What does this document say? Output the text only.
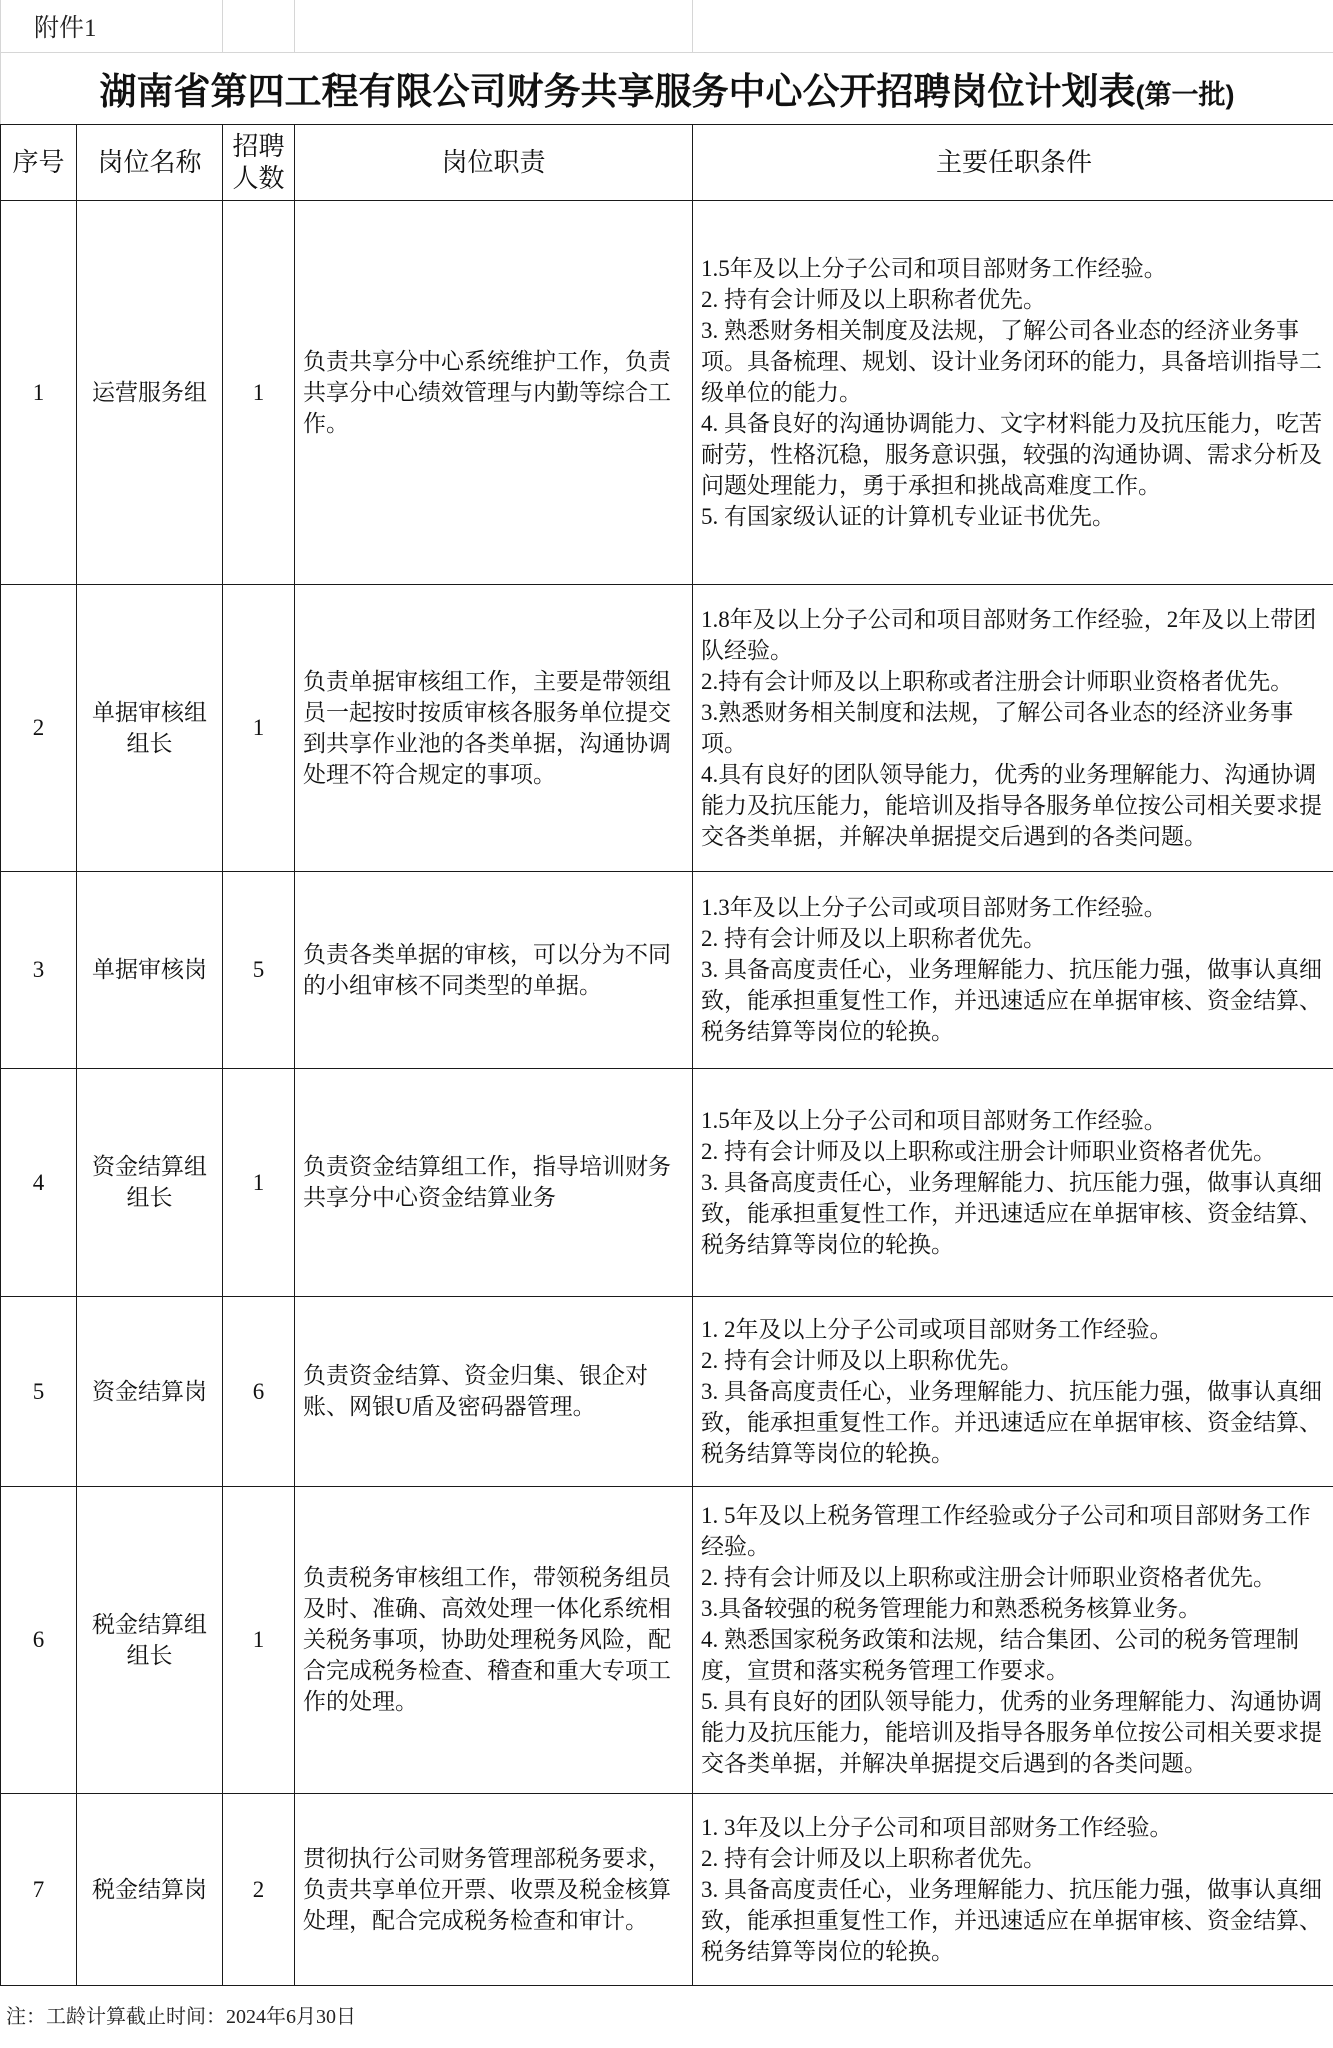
附件1				
湖南省第四工程有限公司财务共享服务中心公开招聘岗位计划表(第一批)				
序号	岗位名称	招聘人数	岗位职责	主要任职条件
1	运营服务组	1	负责共享分中心系统维护工作，负责共享分中心绩效管理与内勤等综合工作。	1.5年及以上分子公司和项目部财务工作经验。
2. 持有会计师及以上职称者优先。
3. 熟悉财务相关制度及法规，了解公司各业态的经济业务事项。具备梳理、规划、设计业务闭环的能力，具备培训指导二级单位的能力。
4. 具备良好的沟通协调能力、文字材料能力及抗压能力，吃苦耐劳，性格沉稳，服务意识强，较强的沟通协调、需求分析及问题处理能力，勇于承担和挑战高难度工作。
5. 有国家级认证的计算机专业证书优先。

2	单据审核组组长	1	负责单据审核组工作，主要是带领组员一起按时按质审核各服务单位提交到共享作业池的各类单据，沟通协调处理不符合规定的事项。	1.8年及以上分子公司和项目部财务工作经验，2年及以上带团队经验。
2.持有会计师及以上职称或者注册会计师职业资格者优先。
3.熟悉财务相关制度和法规，了解公司各业态的经济业务事项。
4.具有良好的团队领导能力，优秀的业务理解能力、沟通协调能力及抗压能力，能培训及指导各服务单位按公司相关要求提交各类单据，并解决单据提交后遇到的各类问题。

3	单据审核岗	5	负责各类单据的审核，可以分为不同的小组审核不同类型的单据。	1.3年及以上分子公司或项目部财务工作经验。
2. 持有会计师及以上职称者优先。
3. 具备高度责任心，业务理解能力、抗压能力强，做事认真细致，能承担重复性工作，并迅速适应在单据审核、资金结算、税务结算等岗位的轮换。

4	资金结算组组长	1	负责资金结算组工作，指导培训财务共享分中心资金结算业务	1.5年及以上分子公司和项目部财务工作经验。
2. 持有会计师及以上职称或注册会计师职业资格者优先。
3. 具备高度责任心，业务理解能力、抗压能力强，做事认真细致，能承担重复性工作，并迅速适应在单据审核、资金结算、税务结算等岗位的轮换。

5	资金结算岗	6	负责资金结算、资金归集、银企对账、网银U盾及密码器管理。	1. 2年及以上分子公司或项目部财务工作经验。
2. 持有会计师及以上职称优先。
3. 具备高度责任心，业务理解能力、抗压能力强，做事认真细致，能承担重复性工作。并迅速适应在单据审核、资金结算、税务结算等岗位的轮换。

6	税金结算组组长	1	负责税务审核组工作，带领税务组员及时、准确、高效处理一体化系统相关税务事项，协助处理税务风险，配合完成税务检查、稽查和重大专项工作的处理。	1. 5年及以上税务管理工作经验或分子公司和项目部财务工作经验。
2. 持有会计师及以上职称或注册会计师职业资格者优先。
3.具备较强的税务管理能力和熟悉税务核算业务。
4. 熟悉国家税务政策和法规，结合集团、公司的税务管理制度，宣贯和落实税务管理工作要求。
5. 具有良好的团队领导能力，优秀的业务理解能力、沟通协调能力及抗压能力，能培训及指导各服务单位按公司相关要求提交各类单据，并解决单据提交后遇到的各类问题。

7	税金结算岗	2	贯彻执行公司财务管理部税务要求，负责共享单位开票、收票及税金核算处理，配合完成税务检查和审计。	1. 3年及以上分子公司和项目部财务工作经验。
2. 持有会计师及以上职称者优先。
3. 具备高度责任心，业务理解能力、抗压能力强，做事认真细致，能承担重复性工作，并迅速适应在单据审核、资金结算、税务结算等岗位的轮换。
注：工龄计算截止时间：2024年6月30日
